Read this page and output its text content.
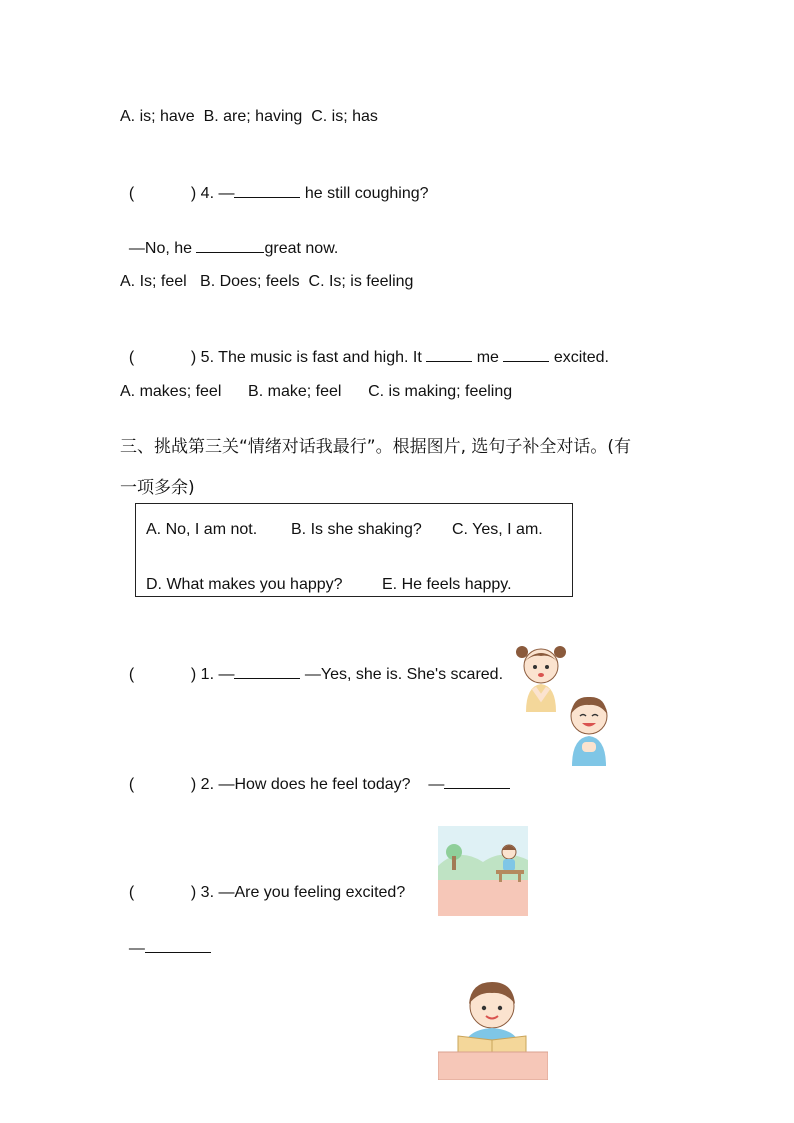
A. is; have  B. are; having  C. is; has

(	) 4. —	he still coughing?

—No, he	great now.

A. Is; feel   B. Does; feels  C. Is; is feeling

(	) 5. The music is fast and high. It	me	excited.

A. makes; feel      B. make; feel      C. is making; feeling
三、挑战第三关“情绪对话我最行”。根据图片, 选句子补全对话。(有
一项多余)
A. No, I am not. B. Is she shaking? C. Yes, I am.
D. What makes you happy? E. He feels happy.

(	) 1. —	—Yes, she is. She's scared.

(	) 2. —How does he feel today?    —

(	) 3. —Are you feeling excited?

—
